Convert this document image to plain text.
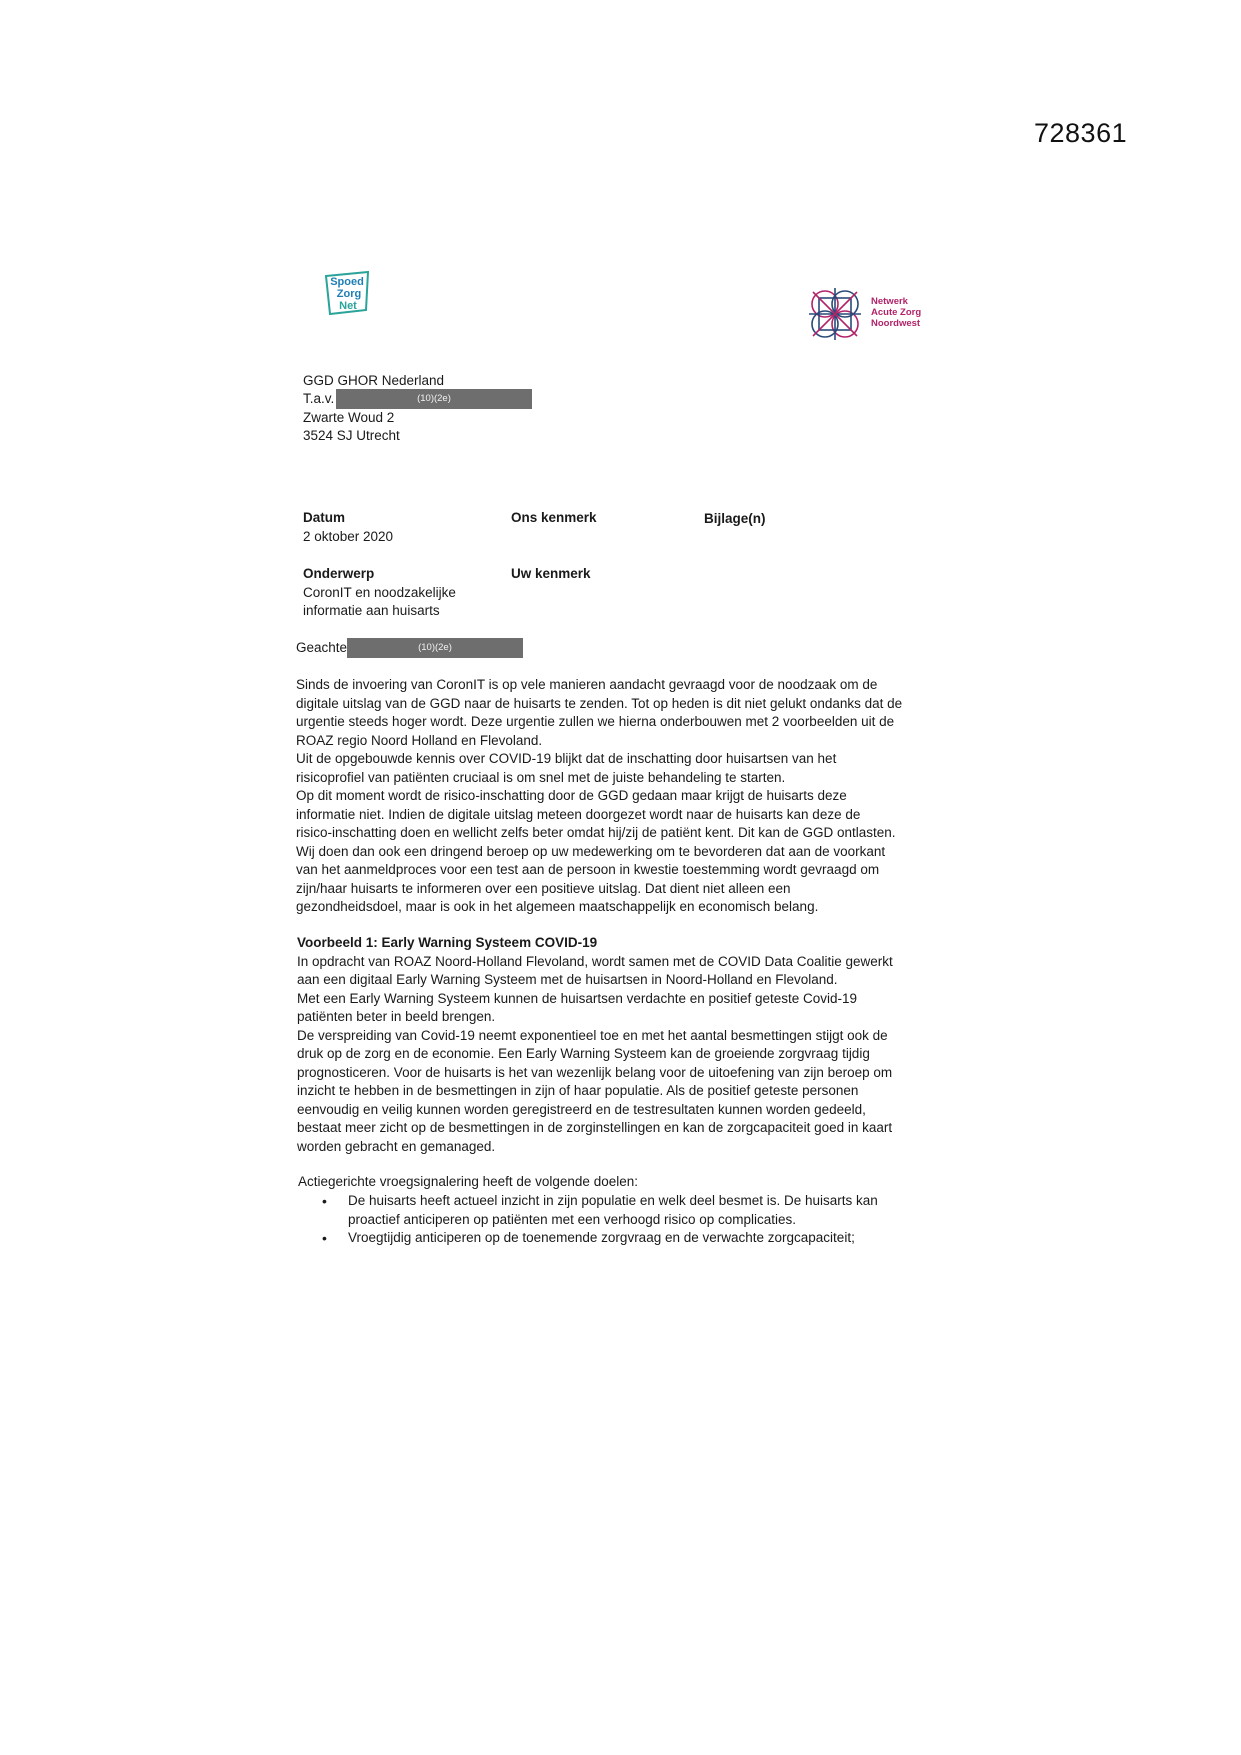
728361
Spoed
Zorg
Net	Netwerk
Acute Zorg
Noordwest
GGD GHOR Nederland
T.a.v.	(10)(2e)
Zwarte Woud 2
3524 SJ Utrecht
Datum	Ons kenmerk	Bijlage(n)
2 oktober 2020
Onderwerp	Uw kenmerk
CoronIT en noodzakelijke
informatie aan huisarts
Geachte	(10)(2e)

Sinds de invoering van CoronIT is op vele manieren aandacht gevraagd voor de noodzaak om de

digitale uitslag van de GGD naar de huisarts te zenden. Tot op heden is dit niet gelukt ondanks dat de

urgentie steeds hoger wordt. Deze urgentie zullen we hierna onderbouwen met 2 voorbeelden uit de

ROAZ regio Noord Holland en Flevoland.

Uit de opgebouwde kennis over COVID-19 blijkt dat de inschatting door huisartsen van het

risicoprofiel van patiënten cruciaal is om snel met de juiste behandeling te starten.

Op dit moment wordt de risico-inschatting door de GGD gedaan maar krijgt de huisarts deze

informatie niet. Indien de digitale uitslag meteen doorgezet wordt naar de huisarts kan deze de

risico-inschatting doen en wellicht zelfs beter omdat hij/zij de patiënt kent. Dit kan de GGD ontlasten.

Wij doen dan ook een dringend beroep op uw medewerking om te bevorderen dat aan de voorkant

van het aanmeldproces voor een test aan de persoon in kwestie toestemming wordt gevraagd om

zijn/haar huisarts te informeren over een positieve uitslag. Dat dient niet alleen een

gezondheidsdoel, maar is ook in het algemeen maatschappelijk en economisch belang.

Voorbeeld 1: Early Warning Systeem COVID-19

In opdracht van ROAZ Noord-Holland Flevoland, wordt samen met de COVID Data Coalitie gewerkt

aan een digitaal Early Warning Systeem met de huisartsen in Noord-Holland en Flevoland.

Met een Early Warning Systeem kunnen de huisartsen verdachte en positief geteste Covid-19

patiënten beter in beeld brengen.

De verspreiding van Covid-19 neemt exponentieel toe en met het aantal besmettingen stijgt ook de

druk op de zorg en de economie. Een Early Warning Systeem kan de groeiende zorgvraag tijdig

prognosticeren. Voor de huisarts is het van wezenlijk belang voor de uitoefening van zijn beroep om

inzicht te hebben in de besmettingen in zijn of haar populatie. Als de positief geteste personen

eenvoudig en veilig kunnen worden geregistreerd en de testresultaten kunnen worden gedeeld,

bestaat meer zicht op de besmettingen in de zorginstellingen en kan de zorgcapaciteit goed in kaart

worden gebracht en gemanaged.

Actiegerichte vroegsignalering heeft de volgende doelen:

• De huisarts heeft actueel inzicht in zijn populatie en welk deel besmet is. De huisarts kan
proactief anticiperen op patiënten met een verhoogd risico op complicaties.
• Vroegtijdig anticiperen op de toenemende zorgvraag en de verwachte zorgcapaciteit;
